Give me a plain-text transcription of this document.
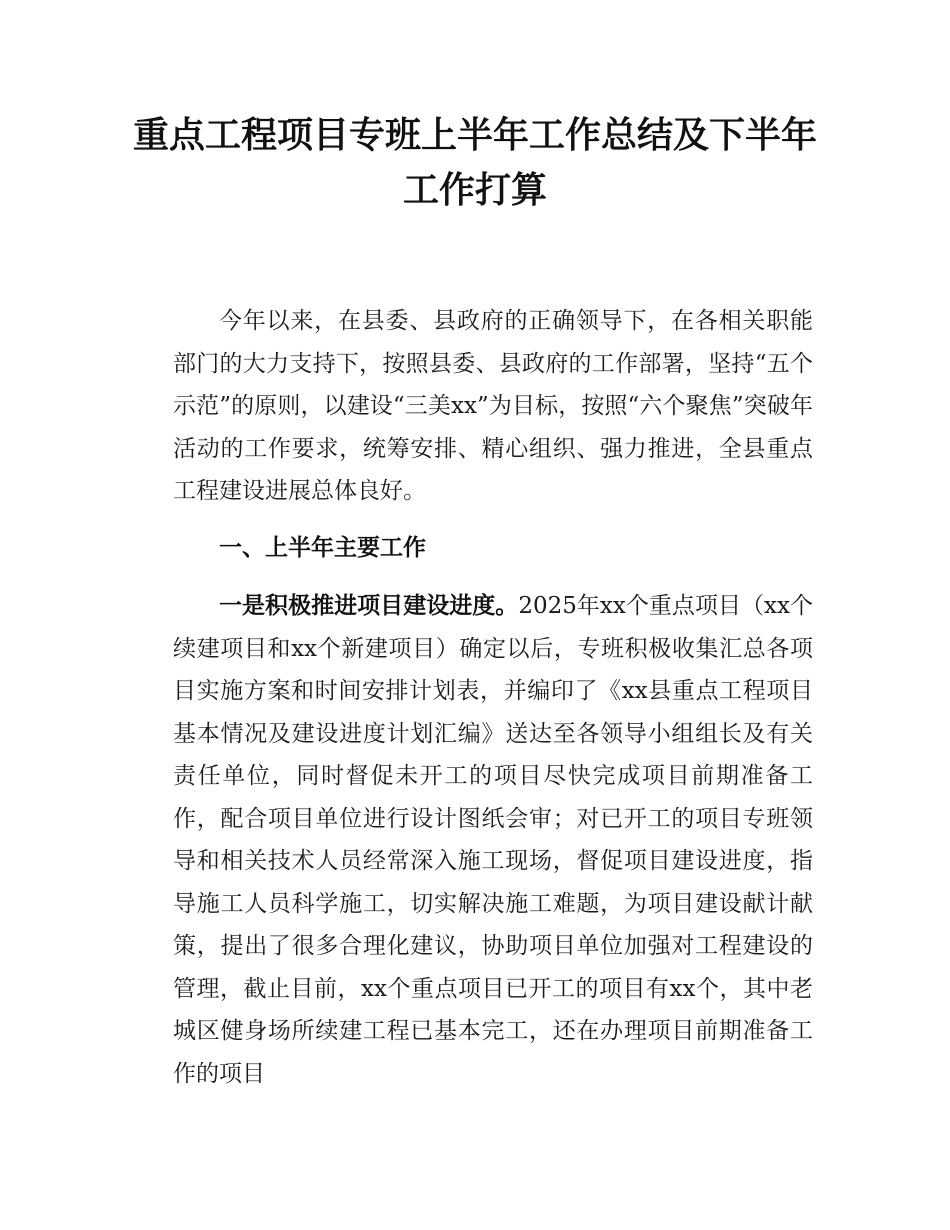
重点工程项目专班上半年工作总结及下半年
工作打算

今年以来，在县委、县政府的正确领导下，在各相关职能部门的大力支持下，按照县委、县政府的工作部署，坚持“五个示范”的原则，以建设“三美xx”为目标，按照“六个聚焦”突破年活动的工作要求，统筹安排、精心组织、强力推进，全县重点工程建设进展总体良好。

一、上半年主要工作

一是积极推进项目建设进度。2025年xx个重点项目（xx个续建项目和xx个新建项目）确定以后，专班积极收集汇总各项目实施方案和时间安排计划表，并编印了《xx县重点工程项目基本情况及建设进度计划汇编》送达至各领导小组组长及有关责任单位，同时督促未开工的项目尽快完成项目前期准备工作，配合项目单位进行设计图纸会审；对已开工的项目专班领导和相关技术人员经常深入施工现场，督促项目建设进度，指导施工人员科学施工，切实解决施工难题，为项目建设献计献策，提出了很多合理化建议，协助项目单位加强对工程建设的管理，截止目前，xx个重点项目已开工的项目有xx个，其中老城区健身场所续建工程已基本完工，还在办理项目前期准备工作的项目
